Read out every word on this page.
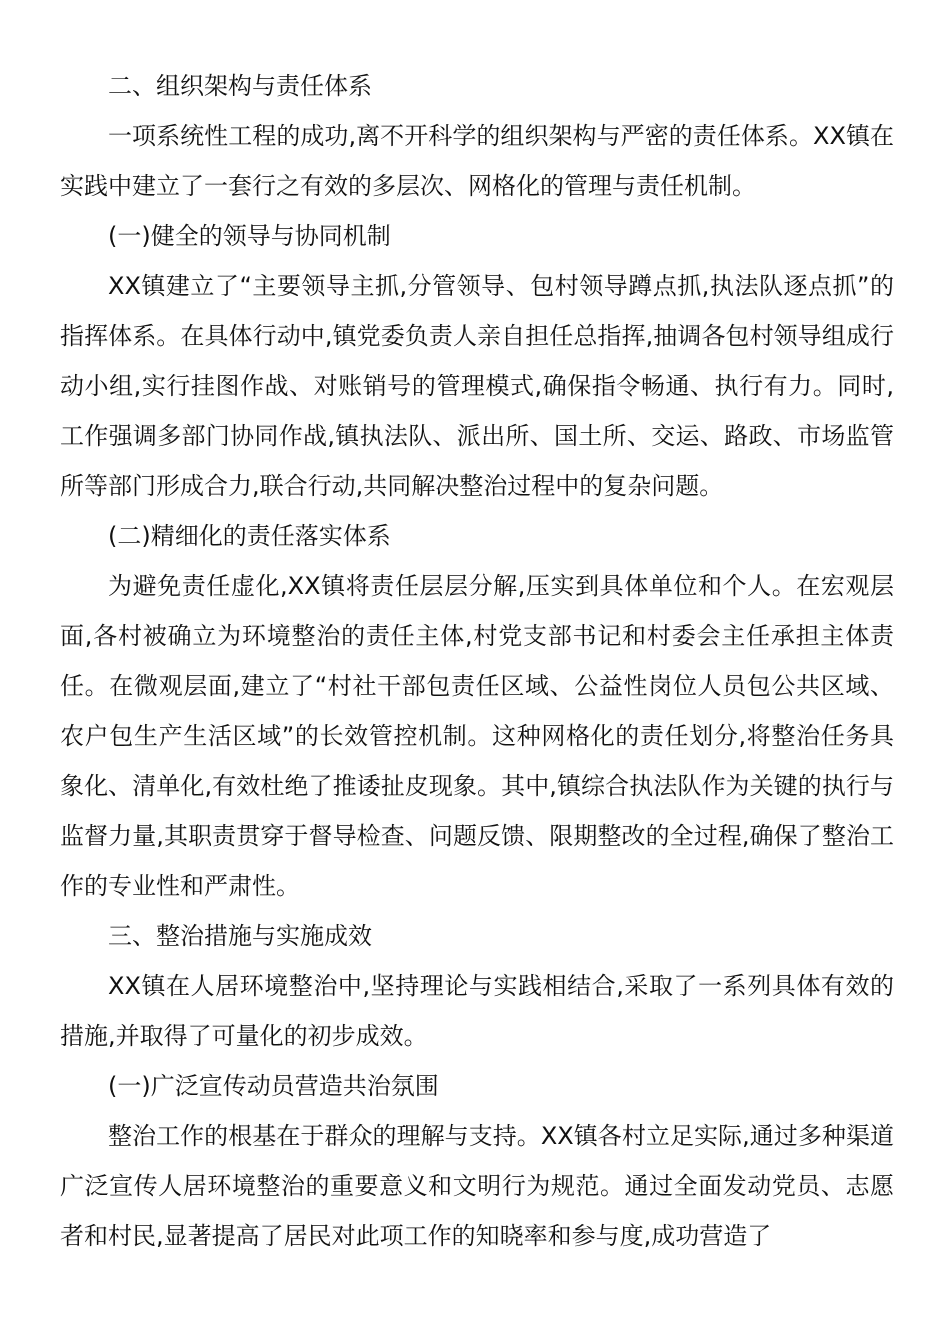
二、组织架构与责任体系

一项系统性工程的成功,离不开科学的组织架构与严密的责任体系。XX镇在实践中建立了一套行之有效的多层次、网格化的管理与责任机制。

(一)健全的领导与协同机制

XX镇建立了“主要领导主抓,分管领导、包村领导蹲点抓,执法队逐点抓”的指挥体系。在具体行动中,镇党委负责人亲自担任总指挥,抽调各包村领导组成行动小组,实行挂图作战、对账销号的管理模式,确保指令畅通、执行有力。同时,工作强调多部门协同作战,镇执法队、派出所、国土所、交运、路政、市场监管所等部门形成合力,联合行动,共同解决整治过程中的复杂问题。

(二)精细化的责任落实体系

为避免责任虚化,XX镇将责任层层分解,压实到具体单位和个人。在宏观层面,各村被确立为环境整治的责任主体,村党支部书记和村委会主任承担主体责任。在微观层面,建立了“村社干部包责任区域、公益性岗位人员包公共区域、农户包生产生活区域”的长效管控机制。这种网格化的责任划分,将整治任务具象化、清单化,有效杜绝了推诿扯皮现象。其中,镇综合执法队作为关键的执行与监督力量,其职责贯穿于督导检查、问题反馈、限期整改的全过程,确保了整治工作的专业性和严肃性。

三、整治措施与实施成效

XX镇在人居环境整治中,坚持理论与实践相结合,采取了一系列具体有效的措施,并取得了可量化的初步成效。

(一)广泛宣传动员营造共治氛围

整治工作的根基在于群众的理解与支持。XX镇各村立足实际,通过多种渠道广泛宣传人居环境整治的重要意义和文明行为规范。通过全面发动党员、志愿者和村民,显著提高了居民对此项工作的知晓率和参与度,成功营造了
